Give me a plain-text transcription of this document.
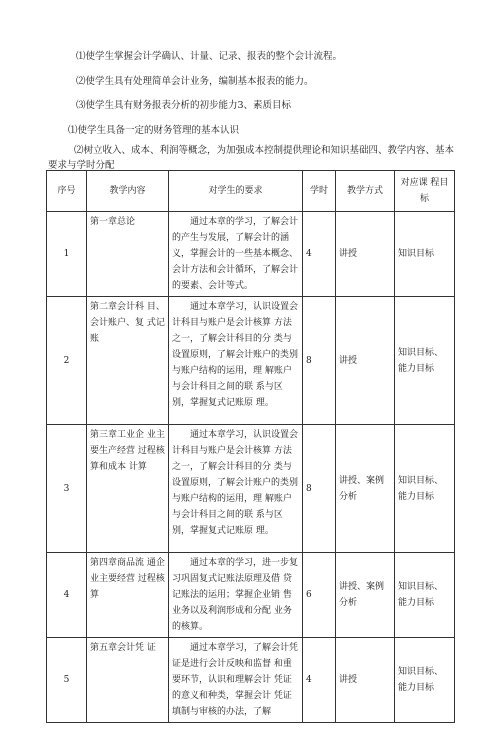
⑴使学生掌握会计学确认、计量、记录、报表的整个会计流程。
⑵使学生具有处理简单会计业务，编制基本报表的能力。
⑶使学生具有财务报表分析的初步能力3、素质目标
⑴使学生具备一定的财务管理的基本认识
⑵树立收入、成本、利润等概念，为加强成本控制提供理论和知识基础四、教学内容、基本要求与学时分配
序号	教学内容	对学生的要求	学时	教学方式	对应课 程目标
1	第一章总论	通过本章的学习，了解会计的产生与发展，了解会计的涵义，掌握会计的一些基本概念、会计方法和会计循环，了解会计的要素、会计等式。	4	讲授	知识目标
2	第二章会计科 目、会计账户、复 式记账	通过本章学习，认识设置会计科目与账户是会计核算 方法之一，了解会计科目的分 类与设置原则，了解会计账户的类别与账户结构的运用，理 解账户与会计科目之间的联 系与区别，掌握复式记账原 理。	8	讲授	知识目标、能力目标
3	第三章工业企 业主要生产经营 过程核算和成本 计算	通过本章学习，认识设置会计科目与账户是会计核算 方法之一，了解会计科目的分 类与设置原则，了解会计账户的类别与账户结构的运用，理 解账户与会计科目之间的联 系与区别，掌握复式记账原 理。	8	讲授、案例分析	知识目标、能力目标
4	第四章商品流 通企业主要经营 过程核算	通过本章的学习，进一步复习巩固复式记账法原理及借 贷记账法的运用；掌握企业销 售业务以及利润形成和分配 业务的核算。	6	讲授、案例分析	知识目标、能力目标
5	第五章会计凭 证	通过本章学习，了解会计凭证是进行会计反映和监督 和重要环节，认识和理解会计 凭证的意义和种类，掌握会计 凭证填制与审核的办法，了解	4	讲授	知识目标、能力目标
